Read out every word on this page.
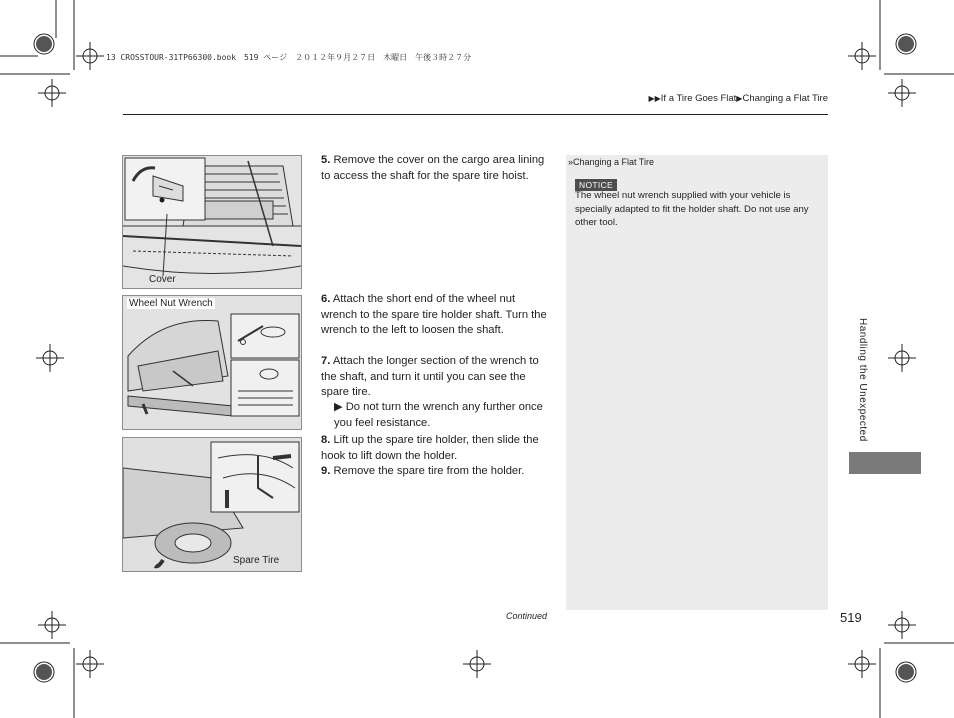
13 CROSSTOUR-31TP66300.book　519 ページ　２０１２年９月２７日　木曜日　午後３時２７分
▶▶If a Tire Goes Flat▶Changing a Flat Tire
Cover
Wheel Nut Wrench
Spare Tire
5. Remove the cover on the cargo area lining to access the shaft for the spare tire hoist.
6. Attach the short end of the wheel nut wrench to the spare tire holder shaft. Turn the wrench to the left to loosen the shaft.
7. Attach the longer section of the wrench to the shaft, and turn it until you can see the spare tire.
▶ Do not turn the wrench any further once you feel resistance.
8. Lift up the spare tire holder, then slide the hook to lift down the holder.
9. Remove the spare tire from the holder.
»Changing a Flat Tire
NOTICE
The wheel nut wrench supplied with your vehicle is specially adapted to fit the holder shaft. Do not use any other tool.
Handling the Unexpected
Continued	519
